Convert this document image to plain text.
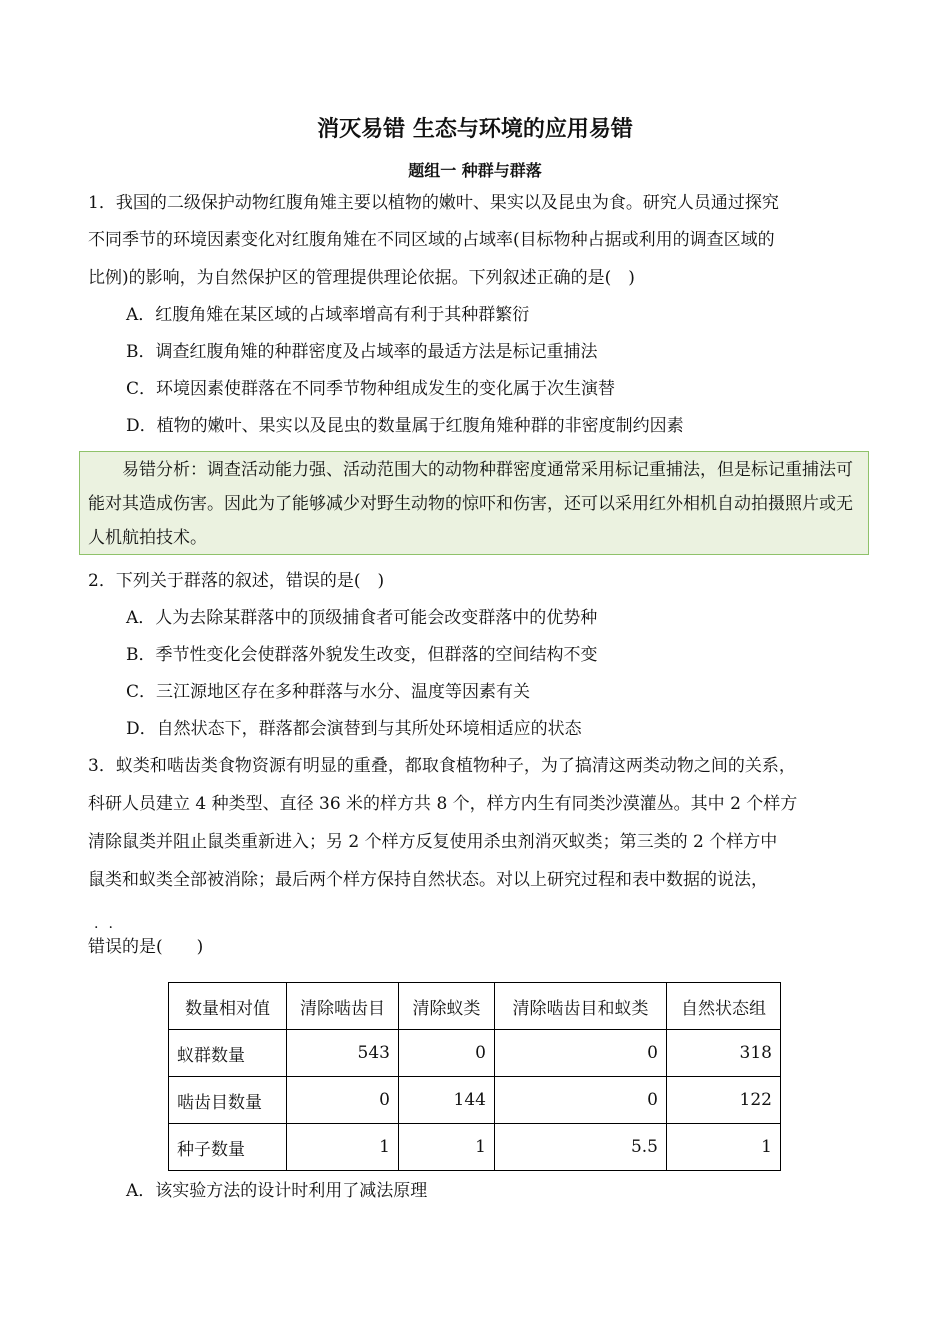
消灭易错 生态与环境的应用易错
题组一 种群与群落
1．我国的二级保护动物红腹角雉主要以植物的嫩叶、果实以及昆虫为食。研究人员通过探究
不同季节的环境因素变化对红腹角雉在不同区域的占域率(目标物种占据或利用的调查区域的
比例)的影响，为自然保护区的管理提供理论依据。下列叙述正确的是(　)
A．红腹角雉在某区域的占域率增高有利于其种群繁衍
B．调查红腹角雉的种群密度及占域率的最适方法是标记重捕法
C．环境因素使群落在不同季节物种组成发生的变化属于次生演替
D．植物的嫩叶、果实以及昆虫的数量属于红腹角雉种群的非密度制约因素
易错分析：调查活动能力强、活动范围大的动物种群密度通常采用标记重捕法，但是标记重捕法可能对其造成伤害。因此为了能够减少对野生动物的惊吓和伤害，还可以采用红外相机自动拍摄照片或无人机航拍技术。
2．下列关于群落的叙述，错误的是(　)
A．人为去除某群落中的顶级捕食者可能会改变群落中的优势种
B．季节性变化会使群落外貌发生改变，但群落的空间结构不变
C．三江源地区存在多种群落与水分、温度等因素有关
D．自然状态下，群落都会演替到与其所处环境相适应的状态
3．蚁类和啮齿类食物资源有明显的重叠，都取食植物种子，为了搞清这两类动物之间的关系，
科研人员建立 4 种类型、直径 36 米的样方共 8 个，样方内生有同类沙漠灌丛。其中 2 个样方
清除鼠类并阻止鼠类重新进入；另 2 个样方反复使用杀虫剂消灭蚁类；第三类的 2 个样方中
鼠类和蚁类全部被消除；最后两个样方保持自然状态。对以上研究过程和表中数据的说法，
..
错误的是(　　)
数量相对值	清除啮齿目	清除蚁类	清除啮齿目和蚁类	自然状态组
蚁群数量	543	0	0	318
啮齿目数量	0	144	0	122
种子数量	1	1	5.5	1
A．该实验方法的设计时利用了减法原理
